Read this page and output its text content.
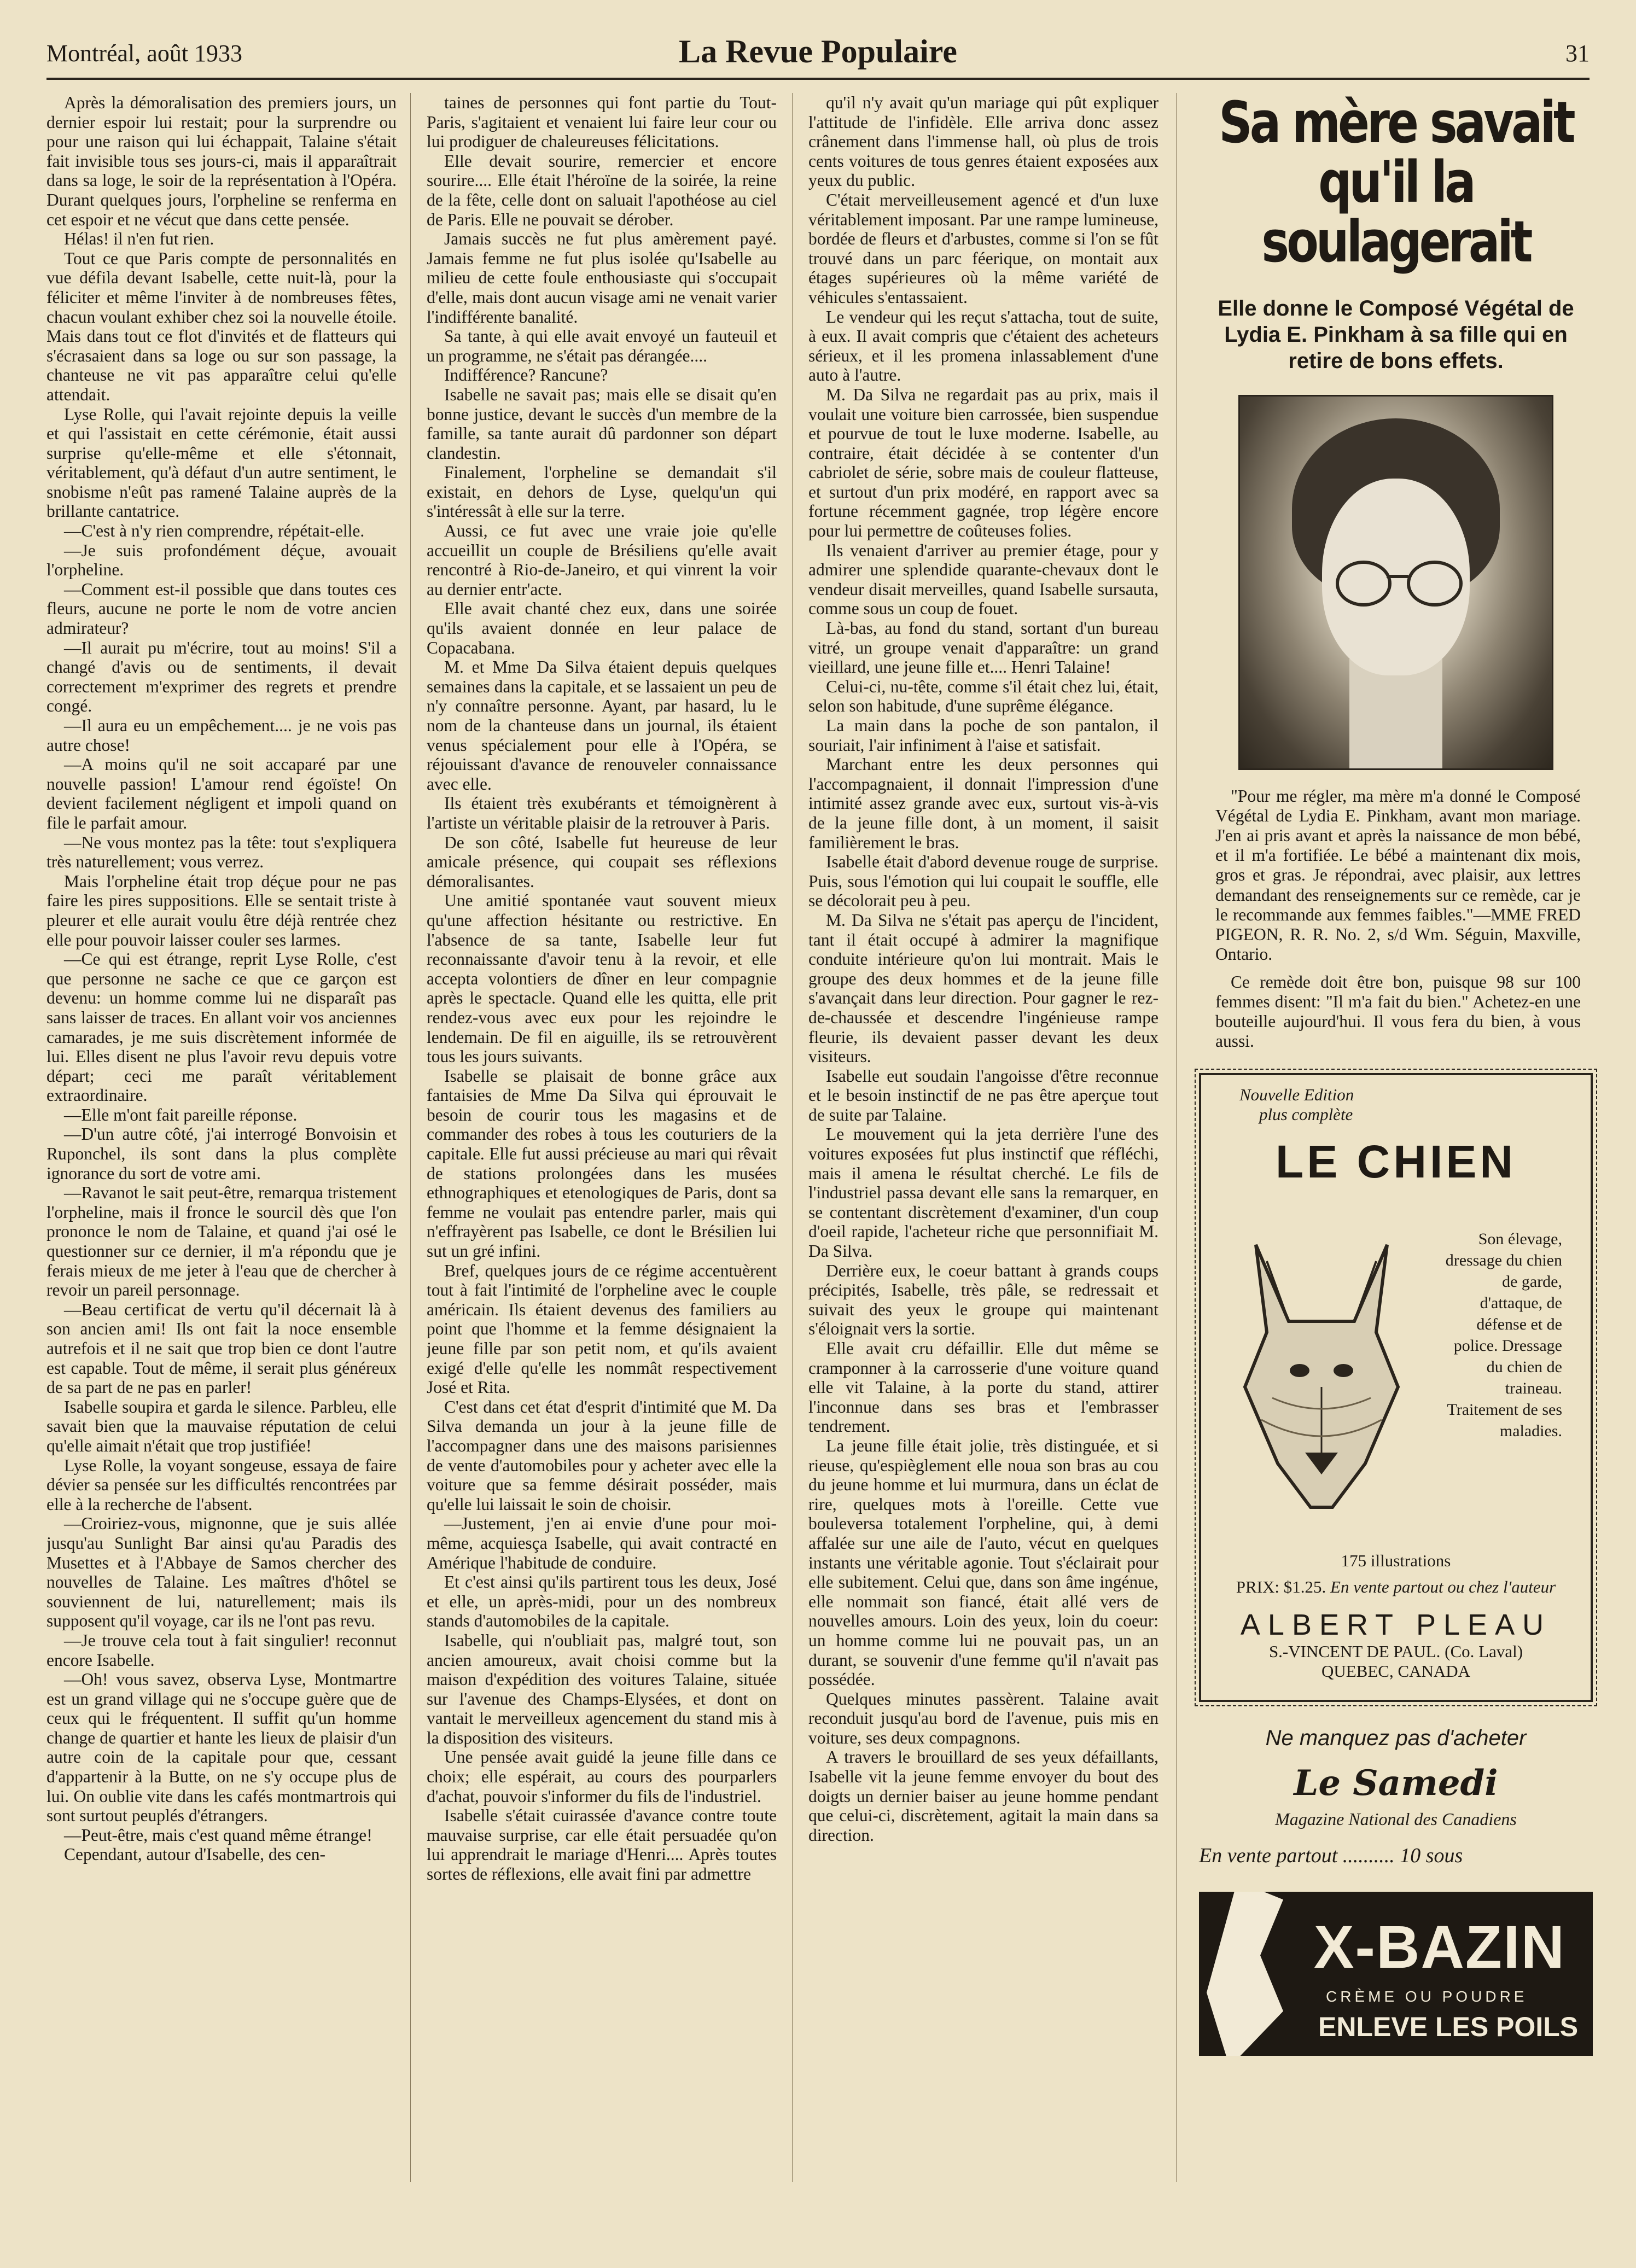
Montréal, août 1933	La Revue Populaire	31

Après la démoralisation des premiers jours, un dernier espoir lui restait; pour la surprendre ou pour une raison qui lui échappait, Talaine s'était fait invisible tous ses jours-ci, mais il apparaîtrait dans sa loge, le soir de la représentation à l'Opéra. Durant quelques jours, l'orpheline se renferma en cet espoir et ne vécut que dans cette pensée.

Hélas! il n'en fut rien.

Tout ce que Paris compte de personnalités en vue défila devant Isabelle, cette nuit-là, pour la féliciter et même l'inviter à de nombreuses fêtes, chacun voulant exhiber chez soi la nouvelle étoile. Mais dans tout ce flot d'invités et de flatteurs qui s'écrasaient dans sa loge ou sur son passage, la chanteuse ne vit pas apparaître celui qu'elle attendait.

Lyse Rolle, qui l'avait rejointe depuis la veille et qui l'assistait en cette cérémonie, était aussi surprise qu'elle-même et elle s'étonnait, véritablement, qu'à défaut d'un autre sentiment, le snobisme n'eût pas ramené Talaine auprès de la brillante cantatrice.

—C'est à n'y rien comprendre, répétait-elle.

—Je suis profondément déçue, avouait l'orpheline.

—Comment est-il possible que dans toutes ces fleurs, aucune ne porte le nom de votre ancien admirateur?

—Il aurait pu m'écrire, tout au moins! S'il a changé d'avis ou de sentiments, il devait correctement m'exprimer des regrets et prendre congé.

—Il aura eu un empêchement.... je ne vois pas autre chose!

—A moins qu'il ne soit accaparé par une nouvelle passion! L'amour rend égoïste! On devient facilement négligent et impoli quand on file le parfait amour.

—Ne vous montez pas la tête: tout s'expliquera très naturellement; vous verrez.

Mais l'orpheline était trop déçue pour ne pas faire les pires suppositions. Elle se sentait triste à pleurer et elle aurait voulu être déjà rentrée chez elle pour pouvoir laisser couler ses larmes.

—Ce qui est étrange, reprit Lyse Rolle, c'est que personne ne sache ce que ce garçon est devenu: un homme comme lui ne disparaît pas sans laisser de traces. En allant voir vos anciennes camarades, je me suis discrètement informée de lui. Elles disent ne plus l'avoir revu depuis votre départ; ceci me paraît véritablement extraordinaire.

—Elle m'ont fait pareille réponse.

—D'un autre côté, j'ai interrogé Bonvoisin et Ruponchel, ils sont dans la plus complète ignorance du sort de votre ami.

—Ravanot le sait peut-être, remarqua tristement l'orpheline, mais il fronce le sourcil dès que l'on prononce le nom de Talaine, et quand j'ai osé le questionner sur ce dernier, il m'a répondu que je ferais mieux de me jeter à l'eau que de chercher à revoir un pareil personnage.

—Beau certificat de vertu qu'il décernait là à son ancien ami! Ils ont fait la noce ensemble autrefois et il ne sait que trop bien ce dont l'autre est capable. Tout de même, il serait plus généreux de sa part de ne pas en parler!

Isabelle soupira et garda le silence. Parbleu, elle savait bien que la mauvaise réputation de celui qu'elle aimait n'était que trop justifiée!

Lyse Rolle, la voyant songeuse, essaya de faire dévier sa pensée sur les difficultés rencontrées par elle à la recherche de l'absent.

—Croiriez-vous, mignonne, que je suis allée jusqu'au Sunlight Bar ainsi qu'au Paradis des Musettes et à l'Abbaye de Samos chercher des nouvelles de Talaine. Les maîtres d'hôtel se souviennent de lui, naturellement; mais ils supposent qu'il voyage, car ils ne l'ont pas revu.

—Je trouve cela tout à fait singulier! reconnut encore Isabelle.

—Oh! vous savez, observa Lyse, Montmartre est un grand village qui ne s'occupe guère que de ceux qui le fréquentent. Il suffit qu'un homme change de quartier et hante les lieux de plaisir d'un autre coin de la capitale pour que, cessant d'appartenir à la Butte, on ne s'y occupe plus de lui. On oublie vite dans les cafés montmartrois qui sont surtout peuplés d'étrangers.

—Peut-être, mais c'est quand même étrange!

Cependant, autour d'Isabelle, des cen-

taines de personnes qui font partie du Tout-Paris, s'agitaient et venaient lui faire leur cour ou lui prodiguer de chaleureuses félicitations.

Elle devait sourire, remercier et encore sourire.... Elle était l'héroïne de la soirée, la reine de la fête, celle dont on saluait l'apothéose au ciel de Paris. Elle ne pouvait se dérober.

Jamais succès ne fut plus amèrement payé. Jamais femme ne fut plus isolée qu'Isabelle au milieu de cette foule enthousiaste qui s'occupait d'elle, mais dont aucun visage ami ne venait varier l'indifférente banalité.

Sa tante, à qui elle avait envoyé un fauteuil et un programme, ne s'était pas dérangée....

Indifférence? Rancune?

Isabelle ne savait pas; mais elle se disait qu'en bonne justice, devant le succès d'un membre de la famille, sa tante aurait dû pardonner son départ clandestin.

Finalement, l'orpheline se demandait s'il existait, en dehors de Lyse, quelqu'un qui s'intéressât à elle sur la terre.

Aussi, ce fut avec une vraie joie qu'elle accueillit un couple de Brésiliens qu'elle avait rencontré à Rio-de-Janeiro, et qui vinrent la voir au dernier entr'acte.

Elle avait chanté chez eux, dans une soirée qu'ils avaient donnée en leur palace de Copacabana.

M. et Mme Da Silva étaient depuis quelques semaines dans la capitale, et se lassaient un peu de n'y connaître personne. Ayant, par hasard, lu le nom de la chanteuse dans un journal, ils étaient venus spécialement pour elle à l'Opéra, se réjouissant d'avance de renouveler connaissance avec elle.

Ils étaient très exubérants et témoignèrent à l'artiste un véritable plaisir de la retrouver à Paris.

De son côté, Isabelle fut heureuse de leur amicale présence, qui coupait ses réflexions démoralisantes.

Une amitié spontanée vaut souvent mieux qu'une affection hésitante ou restrictive. En l'absence de sa tante, Isabelle leur fut reconnaissante d'avoir tenu à la revoir, et elle accepta volontiers de dîner en leur compagnie après le spectacle. Quand elle les quitta, elle prit rendez-vous avec eux pour les rejoindre le lendemain. De fil en aiguille, ils se retrouvèrent tous les jours suivants.

Isabelle se plaisait de bonne grâce aux fantaisies de Mme Da Silva qui éprouvait le besoin de courir tous les magasins et de commander des robes à tous les couturiers de la capitale. Elle fut aussi précieuse au mari qui rêvait de stations prolongées dans les musées ethnographiques et etenologiques de Paris, dont sa femme ne voulait pas entendre parler, mais qui n'effrayèrent pas Isabelle, ce dont le Brésilien lui sut un gré infini.

Bref, quelques jours de ce régime accentuèrent tout à fait l'intimité de l'orpheline avec le couple américain. Ils étaient devenus des familiers au point que l'homme et la femme désignaient la jeune fille par son petit nom, et qu'ils avaient exigé d'elle qu'elle les nommât respectivement José et Rita.

C'est dans cet état d'esprit d'intimité que M. Da Silva demanda un jour à la jeune fille de l'accompagner dans une des maisons parisiennes de vente d'automobiles pour y acheter avec elle la voiture que sa femme désirait posséder, mais qu'elle lui laissait le soin de choisir.

—Justement, j'en ai envie d'une pour moi-même, acquiesça Isabelle, qui avait contracté en Amérique l'habitude de conduire.

Et c'est ainsi qu'ils partirent tous les deux, José et elle, un après-midi, pour un des nombreux stands d'automobiles de la capitale.

Isabelle, qui n'oubliait pas, malgré tout, son ancien amoureux, avait choisi comme but la maison d'expédition des voitures Talaine, située sur l'avenue des Champs-Elysées, et dont on vantait le merveilleux agencement du stand mis à la disposition des visiteurs.

Une pensée avait guidé la jeune fille dans ce choix; elle espérait, au cours des pourparlers d'achat, pouvoir s'informer du fils de l'industriel.

Isabelle s'était cuirassée d'avance contre toute mauvaise surprise, car elle était persuadée qu'on lui apprendrait le mariage d'Henri.... Après toutes sortes de réflexions, elle avait fini par admettre

qu'il n'y avait qu'un mariage qui pût expliquer l'attitude de l'infidèle. Elle arriva donc assez crânement dans l'immense hall, où plus de trois cents voitures de tous genres étaient exposées aux yeux du public.

C'était merveilleusement agencé et d'un luxe véritablement imposant. Par une rampe lumineuse, bordée de fleurs et d'arbustes, comme si l'on se fût trouvé dans un parc féerique, on montait aux étages supérieures où la même variété de véhicules s'entassaient.

Le vendeur qui les reçut s'attacha, tout de suite, à eux. Il avait compris que c'étaient des acheteurs sérieux, et il les promena inlassablement d'une auto à l'autre.

M. Da Silva ne regardait pas au prix, mais il voulait une voiture bien carrossée, bien suspendue et pourvue de tout le luxe moderne. Isabelle, au contraire, était décidée à se contenter d'un cabriolet de série, sobre mais de couleur flatteuse, et surtout d'un prix modéré, en rapport avec sa fortune récemment gagnée, trop légère encore pour lui permettre de coûteuses folies.

Ils venaient d'arriver au premier étage, pour y admirer une splendide quarante-chevaux dont le vendeur disait merveilles, quand Isabelle sursauta, comme sous un coup de fouet.

Là-bas, au fond du stand, sortant d'un bureau vitré, un groupe venait d'apparaître: un grand vieillard, une jeune fille et.... Henri Talaine!

Celui-ci, nu-tête, comme s'il était chez lui, était, selon son habitude, d'une suprême élégance.

La main dans la poche de son pantalon, il souriait, l'air infiniment à l'aise et satisfait.

Marchant entre les deux personnes qui l'accompagnaient, il donnait l'impression d'une intimité assez grande avec eux, surtout vis-à-vis de la jeune fille dont, à un moment, il saisit familièrement le bras.

Isabelle était d'abord devenue rouge de surprise. Puis, sous l'émotion qui lui coupait le souffle, elle se décolorait peu à peu.

M. Da Silva ne s'était pas aperçu de l'incident, tant il était occupé à admirer la magnifique conduite intérieure qu'on lui montrait. Mais le groupe des deux hommes et de la jeune fille s'avançait dans leur direction. Pour gagner le rez-de-chaussée et descendre l'ingénieuse rampe fleurie, ils devaient passer devant les deux visiteurs.

Isabelle eut soudain l'angoisse d'être reconnue et le besoin instinctif de ne pas être aperçue tout de suite par Talaine.

Le mouvement qui la jeta derrière l'une des voitures exposées fut plus instinctif que réfléchi, mais il amena le résultat cherché. Le fils de l'industriel passa devant elle sans la remarquer, en se contentant discrètement d'examiner, d'un coup d'oeil rapide, l'acheteur riche que personnifiait M. Da Silva.

Derrière eux, le coeur battant à grands coups précipités, Isabelle, très pâle, se redressait et suivait des yeux le groupe qui maintenant s'éloignait vers la sortie.

Elle avait cru défaillir. Elle dut même se cramponner à la carrosserie d'une voiture quand elle vit Talaine, à la porte du stand, attirer l'inconnue dans ses bras et l'embrasser tendrement.

La jeune fille était jolie, très distinguée, et si rieuse, qu'espièglement elle noua son bras au cou du jeune homme et lui murmura, dans un éclat de rire, quelques mots à l'oreille. Cette vue bouleversa totalement l'orpheline, qui, à demi affalée sur une aile de l'auto, vécut en quelques instants une véritable agonie. Tout s'éclairait pour elle subitement. Celui que, dans son âme ingénue, elle nommait son fiancé, était allé vers de nouvelles amours. Loin des yeux, loin du coeur: un homme comme lui ne pouvait pas, un an durant, se souvenir d'une femme qu'il n'avait pas possédée.

Quelques minutes passèrent. Talaine avait reconduit jusqu'au bord de l'avenue, puis mis en voiture, ses deux compagnons.

A travers le brouillard de ses yeux défaillants, Isabelle vit la jeune femme envoyer du bout des doigts un dernier baiser au jeune homme pendant que celui-ci, discrètement, agitait la main dans sa direction.

Sa mère savait
qu'il la soulagerait
Elle donne le Composé Végétal de Lydia E. Pinkham à sa fille qui en retire de bons effets.

"Pour me régler, ma mère m'a donné le Composé Végétal de Lydia E. Pinkham, avant mon mariage. J'en ai pris avant et après la naissance de mon bébé, et il m'a fortifiée. Le bébé a maintenant dix mois, gros et gras. Je répondrai, avec plaisir, aux lettres demandant des renseignements sur ce remède, car je le recommande aux femmes faibles."—MME FRED PIGEON, R. R. No. 2, s/d Wm. Séguin, Maxville, Ontario.

Ce remède doit être bon, puisque 98 sur 100 femmes disent: "Il m'a fait du bien." Achetez-en une bouteille aujourd'hui. Il vous fera du bien, à vous aussi.

Nouvelle Edition
plus complète
LE CHIEN
Son élevage, dressage du chien de garde, d'attaque, de défense et de police. Dressage du chien de traineau. Traitement de ses maladies.
175 illustrations
PRIX: $1.25. En vente partout ou chez l'auteur
ALBERT PLEAU
S.-VINCENT DE PAUL. (Co. Laval)
QUEBEC, CANADA
Ne manquez pas d'acheter
Le Samedi
Magazine National des Canadiens
En vente partout .......... 10 sous
X-BAZIN
CRÈME OU POUDRE
ENLEVE LES POILS
